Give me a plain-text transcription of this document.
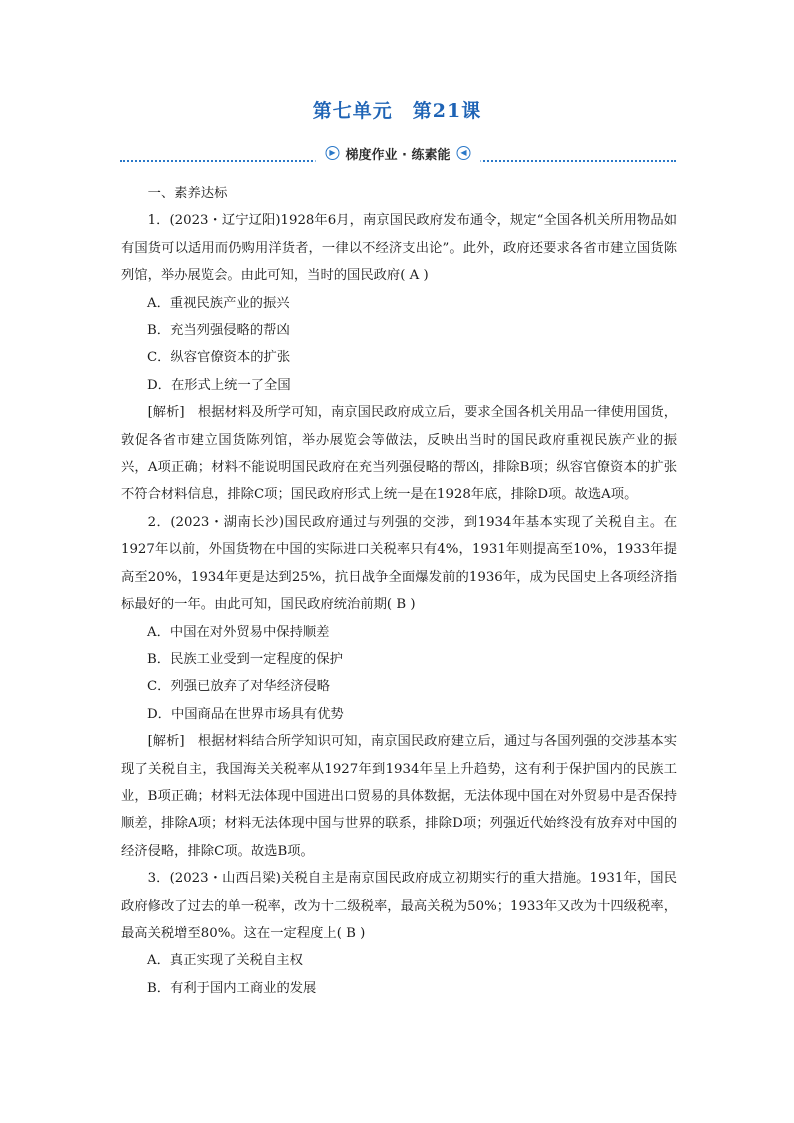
第七单元　第21课
▶ 梯度作业 · 练素能	◀

一、素养达标

1．(2023・辽宁辽阳)1928年6月，南京国民政府发布通令，规定“全国各机关所用物品如有国货可以适用而仍购用洋货者，一律以不经济支出论”。此外，政府还要求各省市建立国货陈列馆，举办展览会。由此可知，当时的国民政府( A )

A．重视民族产业的振兴

B．充当列强侵略的帮凶

C．纵容官僚资本的扩张

D．在形式上统一了全国

[解析]　根据材料及所学可知，南京国民政府成立后，要求全国各机关用品一律使用国货，敦促各省市建立国货陈列馆，举办展览会等做法，反映出当时的国民政府重视民族产业的振兴，A项正确；材料不能说明国民政府在充当列强侵略的帮凶，排除B项；纵容官僚资本的扩张不符合材料信息，排除C项；国民政府形式上统一是在1928年底，排除D项。故选A项。

2．(2023・湖南长沙)国民政府通过与列强的交涉，到1934年基本实现了关税自主。在1927年以前，外国货物在中国的实际进口关税率只有4%，1931年则提高至10%，1933年提高至20%，1934年更是达到25%，抗日战争全面爆发前的1936年，成为民国史上各项经济指标最好的一年。由此可知，国民政府统治前期( B )

A．中国在对外贸易中保持顺差

B．民族工业受到一定程度的保护

C．列强已放弃了对华经济侵略

D．中国商品在世界市场具有优势

[解析]　根据材料结合所学知识可知，南京国民政府建立后，通过与各国列强的交涉基本实现了关税自主，我国海关关税率从1927年到1934年呈上升趋势，这有利于保护国内的民族工业，B项正确；材料无法体现中国进出口贸易的具体数据，无法体现中国在对外贸易中是否保持顺差，排除A项；材料无法体现中国与世界的联系，排除D项；列强近代始终没有放弃对中国的经济侵略，排除C项。故选B项。

3．(2023・山西吕梁)关税自主是南京国民政府成立初期实行的重大措施。1931年，国民政府修改了过去的单一税率，改为十二级税率，最高关税为50%；1933年又改为十四级税率，最高关税增至80%。这在一定程度上( B )

A．真正实现了关税自主权

B．有利于国内工商业的发展
